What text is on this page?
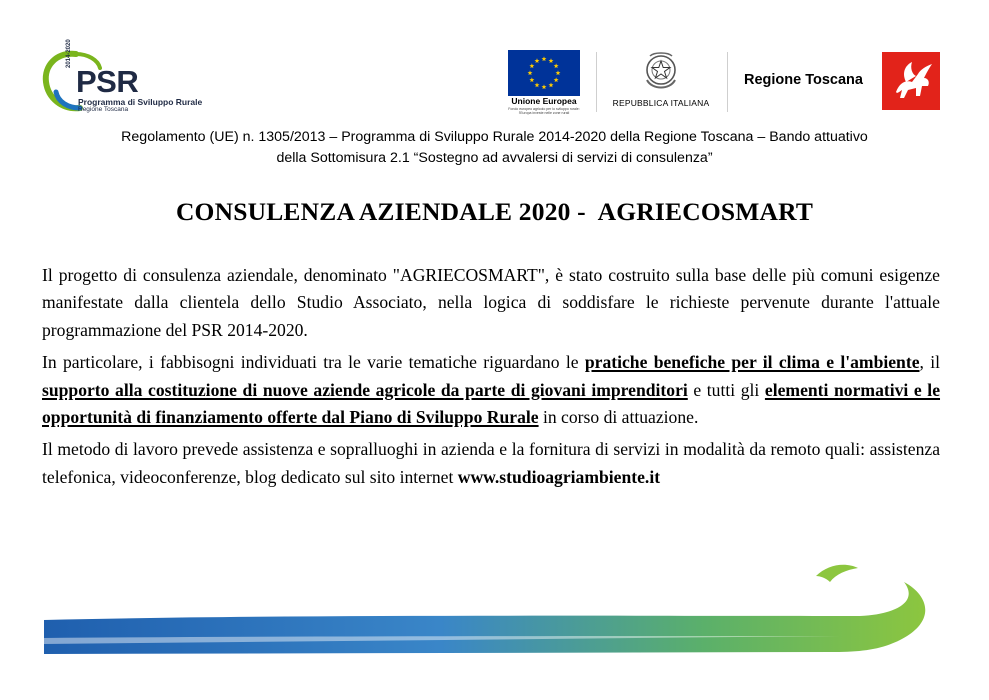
2014-2020
PSR
Programma di Sviluppo Rurale
Regione Toscana
Unione Europea
Fondo europeo agricolo per lo sviluppo rurale: l'Europa investe nelle zone rurali
REPUBBLICA ITALIANA
Regione Toscana
Regolamento (UE) n. 1305/2013 – Programma di Sviluppo Rurale 2014-2020 della Regione Toscana – Bando attuativo
della Sottomisura 2.1 “Sostegno ad avvalersi di servizi di consulenza”
CONSULENZA AZIENDALE 2020 -  AGRIECOSMART

Il progetto di consulenza aziendale, denominato "AGRIECOSMART", è stato costruito sulla base delle più comuni esigenze manifestate dalla clientela dello Studio Associato, nella logica di soddisfare le richieste pervenute durante l'attuale programmazione del PSR 2014-2020.

In particolare, i fabbisogni individuati tra le varie tematiche riguardano le pratiche benefiche per il clima e l'ambiente, il supporto alla costituzione di nuove aziende agricole da parte di giovani imprenditori e tutti gli elementi normativi e le opportunità di finanziamento offerte dal Piano di Sviluppo Rurale in corso di attuazione.

Il metodo di lavoro prevede assistenza e sopralluoghi in azienda e la fornitura di servizi in modalità da remoto quali: assistenza telefonica, videoconferenze, blog dedicato sul sito internet www.studioagriambiente.it
